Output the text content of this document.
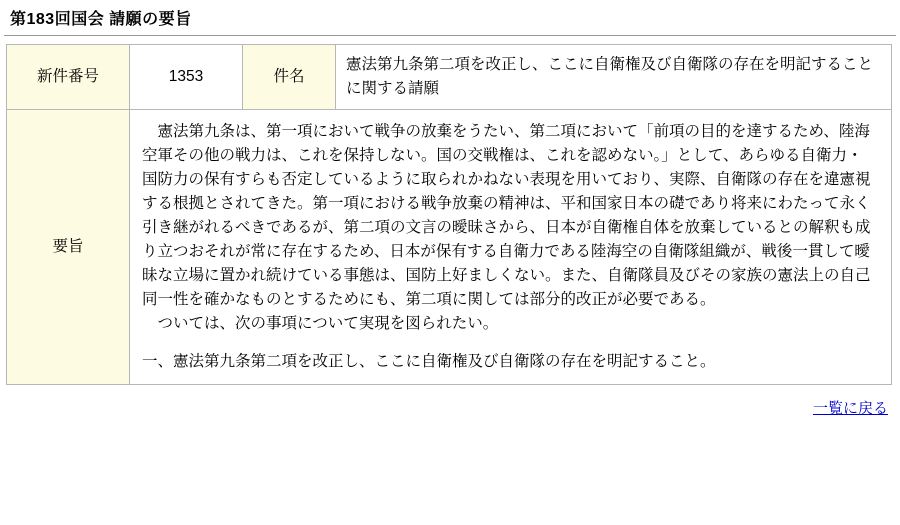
第183回国会 請願の要旨
新件番号	1353	件名	憲法第九条第二項を改正し、ここに自衛権及び自衛隊の存在を明記することに関する請願
要旨	憲法第九条は、第一項において戦争の放棄をうたい、第二項において「前項の目的を達するため、陸海空軍その他の戦力は、これを保持しない。国の交戦権は、これを認めない。」として、あらゆる自衛力・国防力の保有すらも否定しているように取られかねない表現を用いており、実際、自衛隊の存在を違憲視する根拠とされてきた。第一項における戦争放棄の精神は、平和国家日本の礎であり将来にわたって永く引き継がれるべきであるが、第二項の文言の曖昧さから、日本が自衛権自体を放棄しているとの解釈も成り立つおそれが常に存在するため、日本が保有する自衛力である陸海空の自衛隊組織が、戦後一貫して曖昧な立場に置かれ続けている事態は、国防上好ましくない。また、自衛隊員及びその家族の憲法上の自己同一性を確かなものとするためにも、第二項に関しては部分的改正が必要である。

ついては、次の事項について実現を図られたい。

一、憲法第九条第二項を改正し、ここに自衛権及び自衛隊の存在を明記すること。		

一覧に戻る
